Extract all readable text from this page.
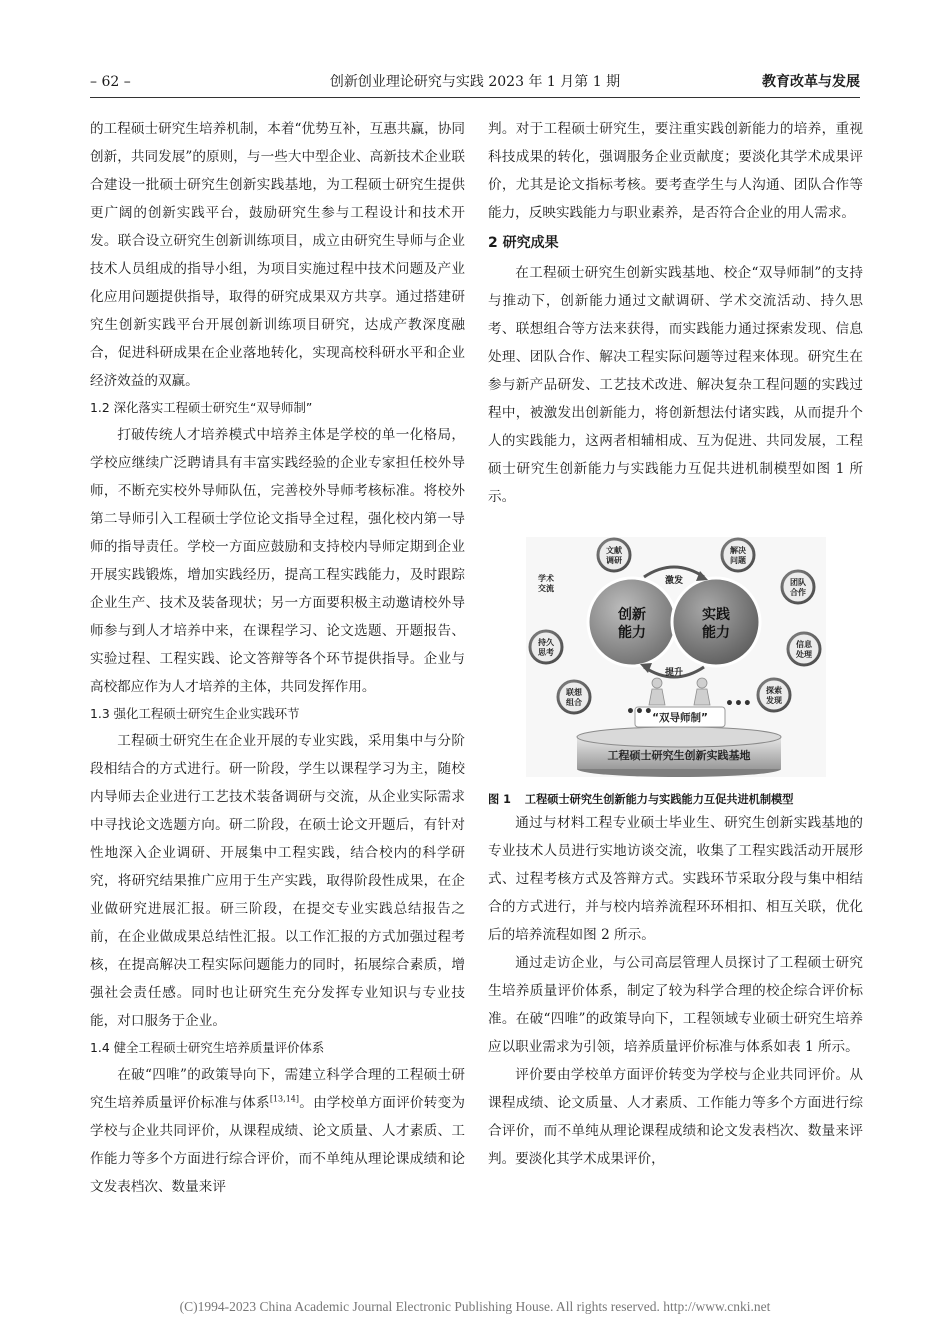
– 62 –	创新创业理论研究与实践 2023 年 1 月第 1 期	教育改革与发展

的工程硕士研究生培养机制，本着“优势互补，互惠共赢，协同创新，共同发展”的原则，与一些大中型企业、高新技术企业联合建设一批硕士研究生创新实践基地，为工程硕士研究生提供更广阔的创新实践平台，鼓励研究生参与工程设计和技术开发。联合设立研究生创新训练项目，成立由研究生导师与企业技术人员组成的指导小组，为项目实施过程中技术问题及产业化应用问题提供指导，取得的研究成果双方共享。通过搭建研究生创新实践平台开展创新训练项目研究，达成产教深度融合，促进科研成果在企业落地转化，实现高校科研水平和企业经济效益的双赢。

1.2 深化落实工程硕士研究生“双导师制”

打破传统人才培养模式中培养主体是学校的单一化格局，学校应继续广泛聘请具有丰富实践经验的企业专家担任校外导师，不断充实校外导师队伍，完善校外导师考核标准。将校外第二导师引入工程硕士学位论文指导全过程，强化校内第一导师的指导责任。学校一方面应鼓励和支持校内导师定期到企业开展实践锻炼，增加实践经历，提高工程实践能力，及时跟踪企业生产、技术及装备现状；另一方面要积极主动邀请校外导师参与到人才培养中来，在课程学习、论文选题、开题报告、实验过程、工程实践、论文答辩等各个环节提供指导。企业与高校都应作为人才培养的主体，共同发挥作用。

1.3 强化工程硕士研究生企业实践环节

工程硕士研究生在企业开展的专业实践，采用集中与分阶段相结合的方式进行。研一阶段，学生以课程学习为主，随校内导师去企业进行工艺技术装备调研与交流，从企业实际需求中寻找论文选题方向。研二阶段，在硕士论文开题后，有针对性地深入企业调研、开展集中工程实践，结合校内的科学研究，将研究结果推广应用于生产实践，取得阶段性成果，在企业做研究进展汇报。研三阶段，在提交专业实践总结报告之前，在企业做成果总结性汇报。以工作汇报的方式加强过程考核，在提高解决工程实际问题能力的同时，拓展综合素质，增强社会责任感。同时也让研究生充分发挥专业知识与专业技能，对口服务于企业。

1.4 健全工程硕士研究生培养质量评价体系

在破“四唯”的政策导向下，需建立科学合理的工程硕士研究生培养质量评价标准与体系[13,14]。由学校单方面评价转变为学校与企业共同评价，从课程成绩、论文质量、人才素质、工作能力等多个方面进行综合评价，而不单纯从理论课成绩和论文发表档次、数量来评

判。对于工程硕士研究生，要注重实践创新能力的培养，重视科技成果的转化，强调服务企业贡献度；要淡化其学术成果评价，尤其是论文指标考核。要考查学生与人沟通、团队合作等能力，反映实践能力与职业素养，是否符合企业的用人需求。

2 研究成果

在工程硕士研究生创新实践基地、校企“双导师制”的支持与推动下，创新能力通过文献调研、学术交流活动、持久思考、联想组合等方法来获得，而实践能力通过探索发现、信息处理、团队合作、解决工程实际问题等过程来体现。研究生在参与新产品研发、工艺技术改进、解决复杂工程问题的实践过程中，被激发出创新能力，将创新想法付诸实践，从而提升个人的实践能力，这两者相辅相成、互为促进、共同发展，工程硕士研究生创新能力与实践能力互促共进机制模型如图 1 所示。

工程硕士研究生创新实践基地
“双导师制”
•••	•••
创新
能力
实践
能力
激发
提升
文献
调研
学术
交流
持久
思考
联想
组合
解决
问题
团队
合作
信息
处理
探索
发现
图 1 工程硕士研究生创新能力与实践能力互促共进机制模型

通过与材料工程专业硕士毕业生、研究生创新实践基地的专业技术人员进行实地访谈交流，收集了工程实践活动开展形式、过程考核方式及答辩方式。实践环节采取分段与集中相结合的方式进行，并与校内培养流程环环相扣、相互关联，优化后的培养流程如图 2 所示。

通过走访企业，与公司高层管理人员探讨了工程硕士研究生培养质量评价体系，制定了较为科学合理的校企综合评价标准。在破“四唯”的政策导向下，工程领域专业硕士研究生培养应以职业需求为引领，培养质量评价标准与体系如表 1 所示。

评价要由学校单方面评价转变为学校与企业共同评价。从课程成绩、论文质量、人才素质、工作能力等多个方面进行综合评价，而不单纯从理论课程成绩和论文发表档次、数量来评判。要淡化其学术成果评价，

(C)1994-2023 China Academic Journal Electronic Publishing House. All rights reserved. http://www.cnki.net
